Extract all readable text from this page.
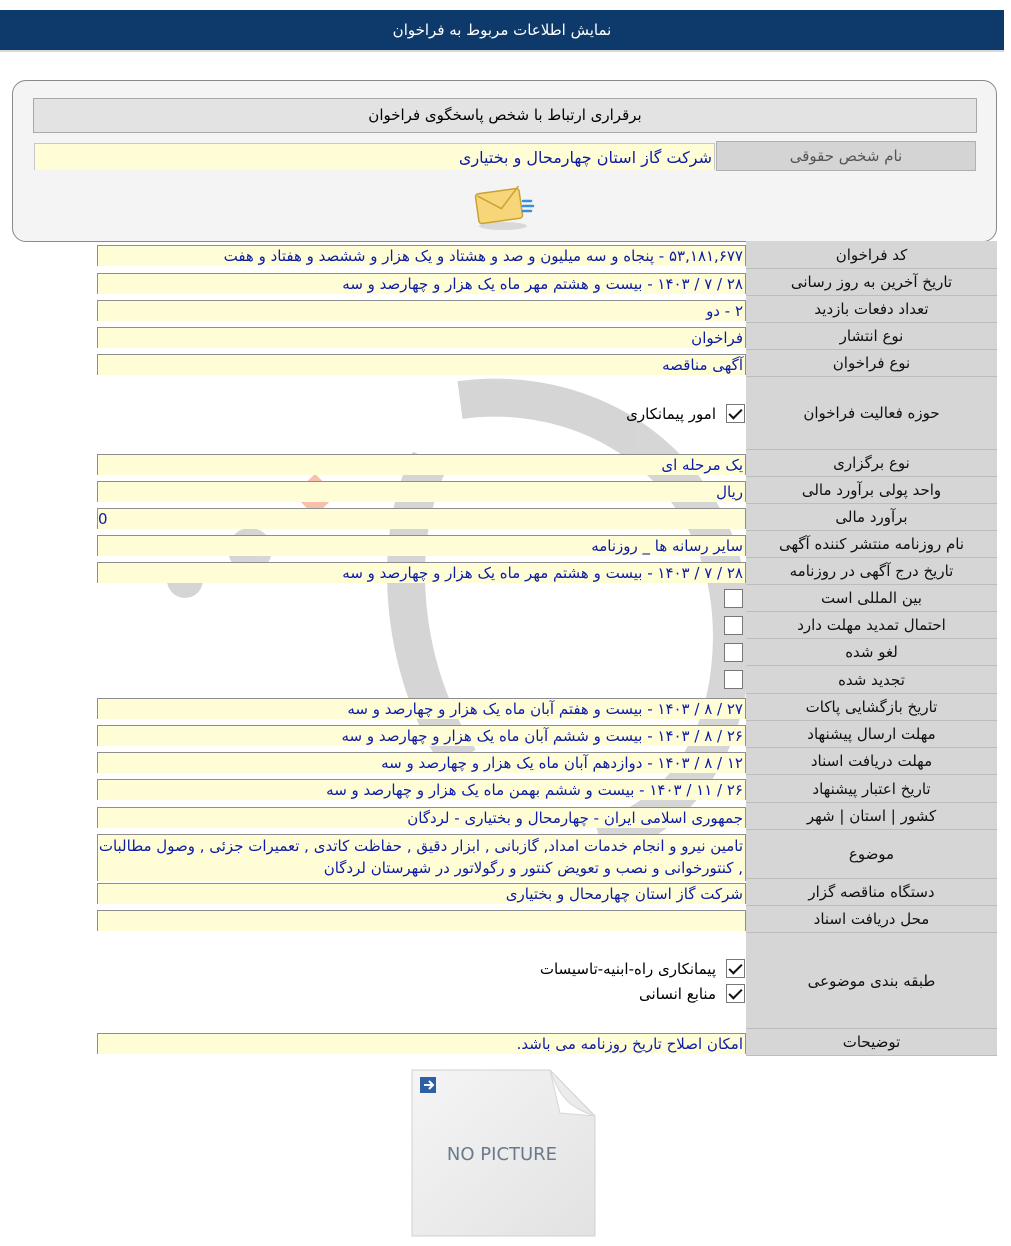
نمایش اطلاعات مربوط به فراخوان
برقراری ارتباط با شخص پاسخگوی فراخوان
نام شخص حقوقی
شرکت گاز استان چهارمحال و بختیاری
کد فراخوان
۵۳,۱۸۱,۶۷۷ - پنجاه و سه میلیون و صد و هشتاد و یک هزار و ششصد و هفتاد و هفت
تاریخ آخرین به روز رسانی
۲۸ / ۷ / ۱۴۰۳ - بیست و هشتم مهر ماه یک هزار و چهارصد و سه
تعداد دفعات بازدید
۲ - دو
نوع انتشار
فراخوان
نوع فراخوان
آگهی مناقصه
حوزه فعالیت فراخوان
امور پیمانکاری
نوع برگزاری
یک مرحله ای
واحد پولی برآورد مالی
ریال
برآورد مالی
0
نام روزنامه منتشر کننده آگهی
سایر رسانه ها _ روزنامه
تاریخ درج آگهی در روزنامه
۲۸ / ۷ / ۱۴۰۳ - بیست و هشتم مهر ماه یک هزار و چهارصد و سه
بین المللی است
احتمال تمدید مهلت دارد
لغو شده
تجدید شده
تاریخ بازگشایی پاکات
۲۷ / ۸ / ۱۴۰۳ - بیست و هفتم آبان ماه یک هزار و چهارصد و سه
مهلت ارسال پیشنهاد
۲۶ / ۸ / ۱۴۰۳ - بیست و ششم آبان ماه یک هزار و چهارصد و سه
مهلت دریافت اسناد
۱۲ / ۸ / ۱۴۰۳ - دوازدهم آبان ماه یک هزار و چهارصد و سه
تاریخ اعتبار پیشنهاد
۲۶ / ۱۱ / ۱۴۰۳ - بیست و ششم بهمن ماه یک هزار و چهارصد و سه
کشور | استان | شهر
جمهوری اسلامی ایران - چهارمحال و بختیاری - لردگان
موضوع
تامین نیرو و انجام خدمات امداد, گازبانی , ابزار دقیق , حفاظت کاتدی , تعمیرات جزئی , وصول مطالبات , کنتورخوانی و نصب و تعویض کنتور و رگولاتور در شهرستان لردگان
دستگاه مناقصه گزار
شرکت گاز استان چهارمحال و بختیاری
محل دریافت اسناد
طبقه بندی موضوعی
پیمانکاری راه-ابنیه-تاسیسات
منابع انسانی
توضیحات
امکان اصلاح تاریخ روزنامه می باشد.
NO PICTURE
